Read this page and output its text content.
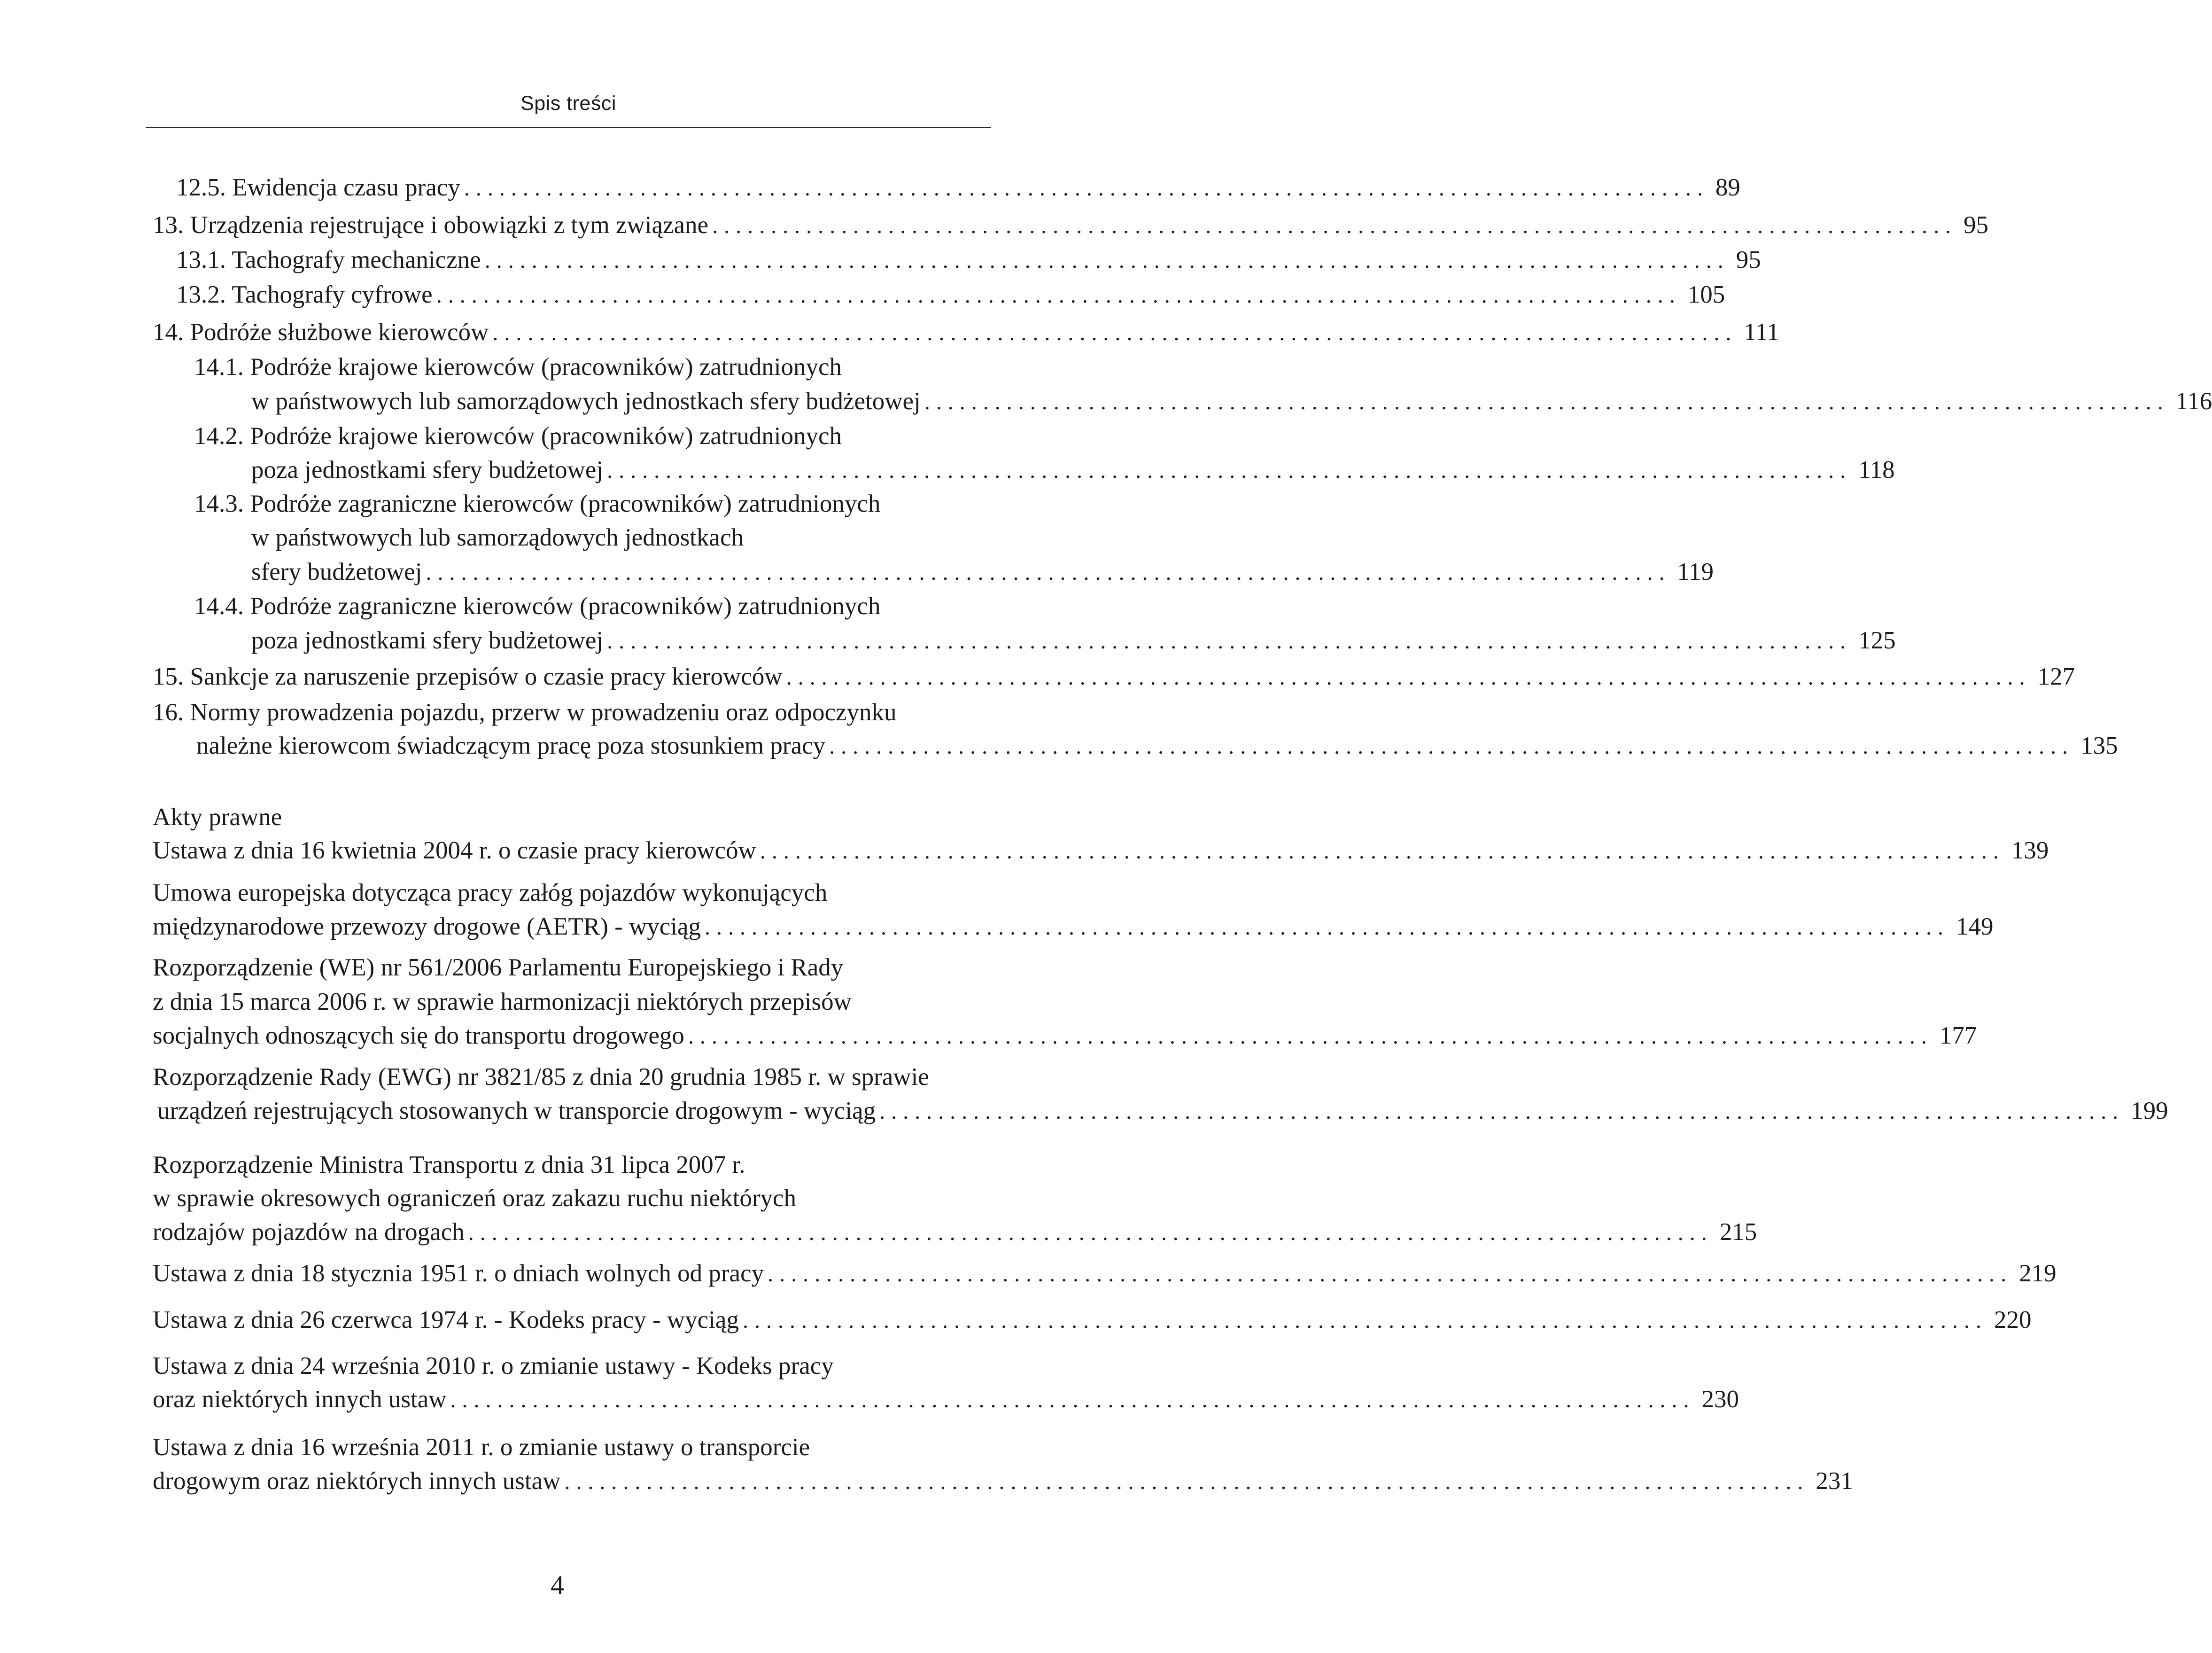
Spis treści
12.5. Ewidencja czasu pracy .......................................................................................................... 89
13. Urządzenia rejestrujące i obowiązki z tym związane .......................................................................................................... 95
13.1. Tachografy mechaniczne .......................................................................................................... 95
13.2. Tachografy cyfrowe .......................................................................................................... 105
14. Podróże służbowe kierowców .......................................................................................................... 111
14.1. Podróże krajowe kierowców (pracowników) zatrudnionych
w państwowych lub samorządowych jednostkach sfery budżetowej .......................................................................................................... 116
14.2. Podróże krajowe kierowców (pracowników) zatrudnionych
poza jednostkami sfery budżetowej .......................................................................................................... 118
14.3. Podróże zagraniczne kierowców (pracowników) zatrudnionych
w państwowych lub samorządowych jednostkach
sfery budżetowej .......................................................................................................... 119
14.4. Podróże zagraniczne kierowców (pracowników) zatrudnionych
poza jednostkami sfery budżetowej .......................................................................................................... 125
15. Sankcje za naruszenie przepisów o czasie pracy kierowców .......................................................................................................... 127
16. Normy prowadzenia pojazdu, przerw w prowadzeniu oraz odpoczynku
należne kierowcom świadczącym pracę poza stosunkiem pracy .......................................................................................................... 135
Akty prawne
Ustawa z dnia 16 kwietnia 2004 r. o czasie pracy kierowców .......................................................................................................... 139
Umowa europejska dotycząca pracy załóg pojazdów wykonujących
międzynarodowe przewozy drogowe (AETR) - wyciąg .......................................................................................................... 149
Rozporządzenie (WE) nr 561/2006 Parlamentu Europejskiego i Rady
z dnia 15 marca 2006 r. w sprawie harmonizacji niektórych przepisów
socjalnych odnoszących się do transportu drogowego .......................................................................................................... 177
Rozporządzenie Rady (EWG) nr 3821/85 z dnia 20 grudnia 1985 r. w sprawie
urządzeń rejestrujących stosowanych w transporcie drogowym - wyciąg .......................................................................................................... 199
Rozporządzenie Ministra Transportu z dnia 31 lipca 2007 r.
w sprawie okresowych ograniczeń oraz zakazu ruchu niektórych
rodzajów pojazdów na drogach .......................................................................................................... 215
Ustawa z dnia 18 stycznia 1951 r. o dniach wolnych od pracy .......................................................................................................... 219
Ustawa z dnia 26 czerwca 1974 r. - Kodeks pracy - wyciąg .......................................................................................................... 220
Ustawa z dnia 24 września 2010 r. o zmianie ustawy - Kodeks pracy
oraz niektórych innych ustaw .......................................................................................................... 230
Ustawa z dnia 16 września 2011 r. o zmianie ustawy o transporcie
drogowym oraz niektórych innych ustaw .......................................................................................................... 231
4
